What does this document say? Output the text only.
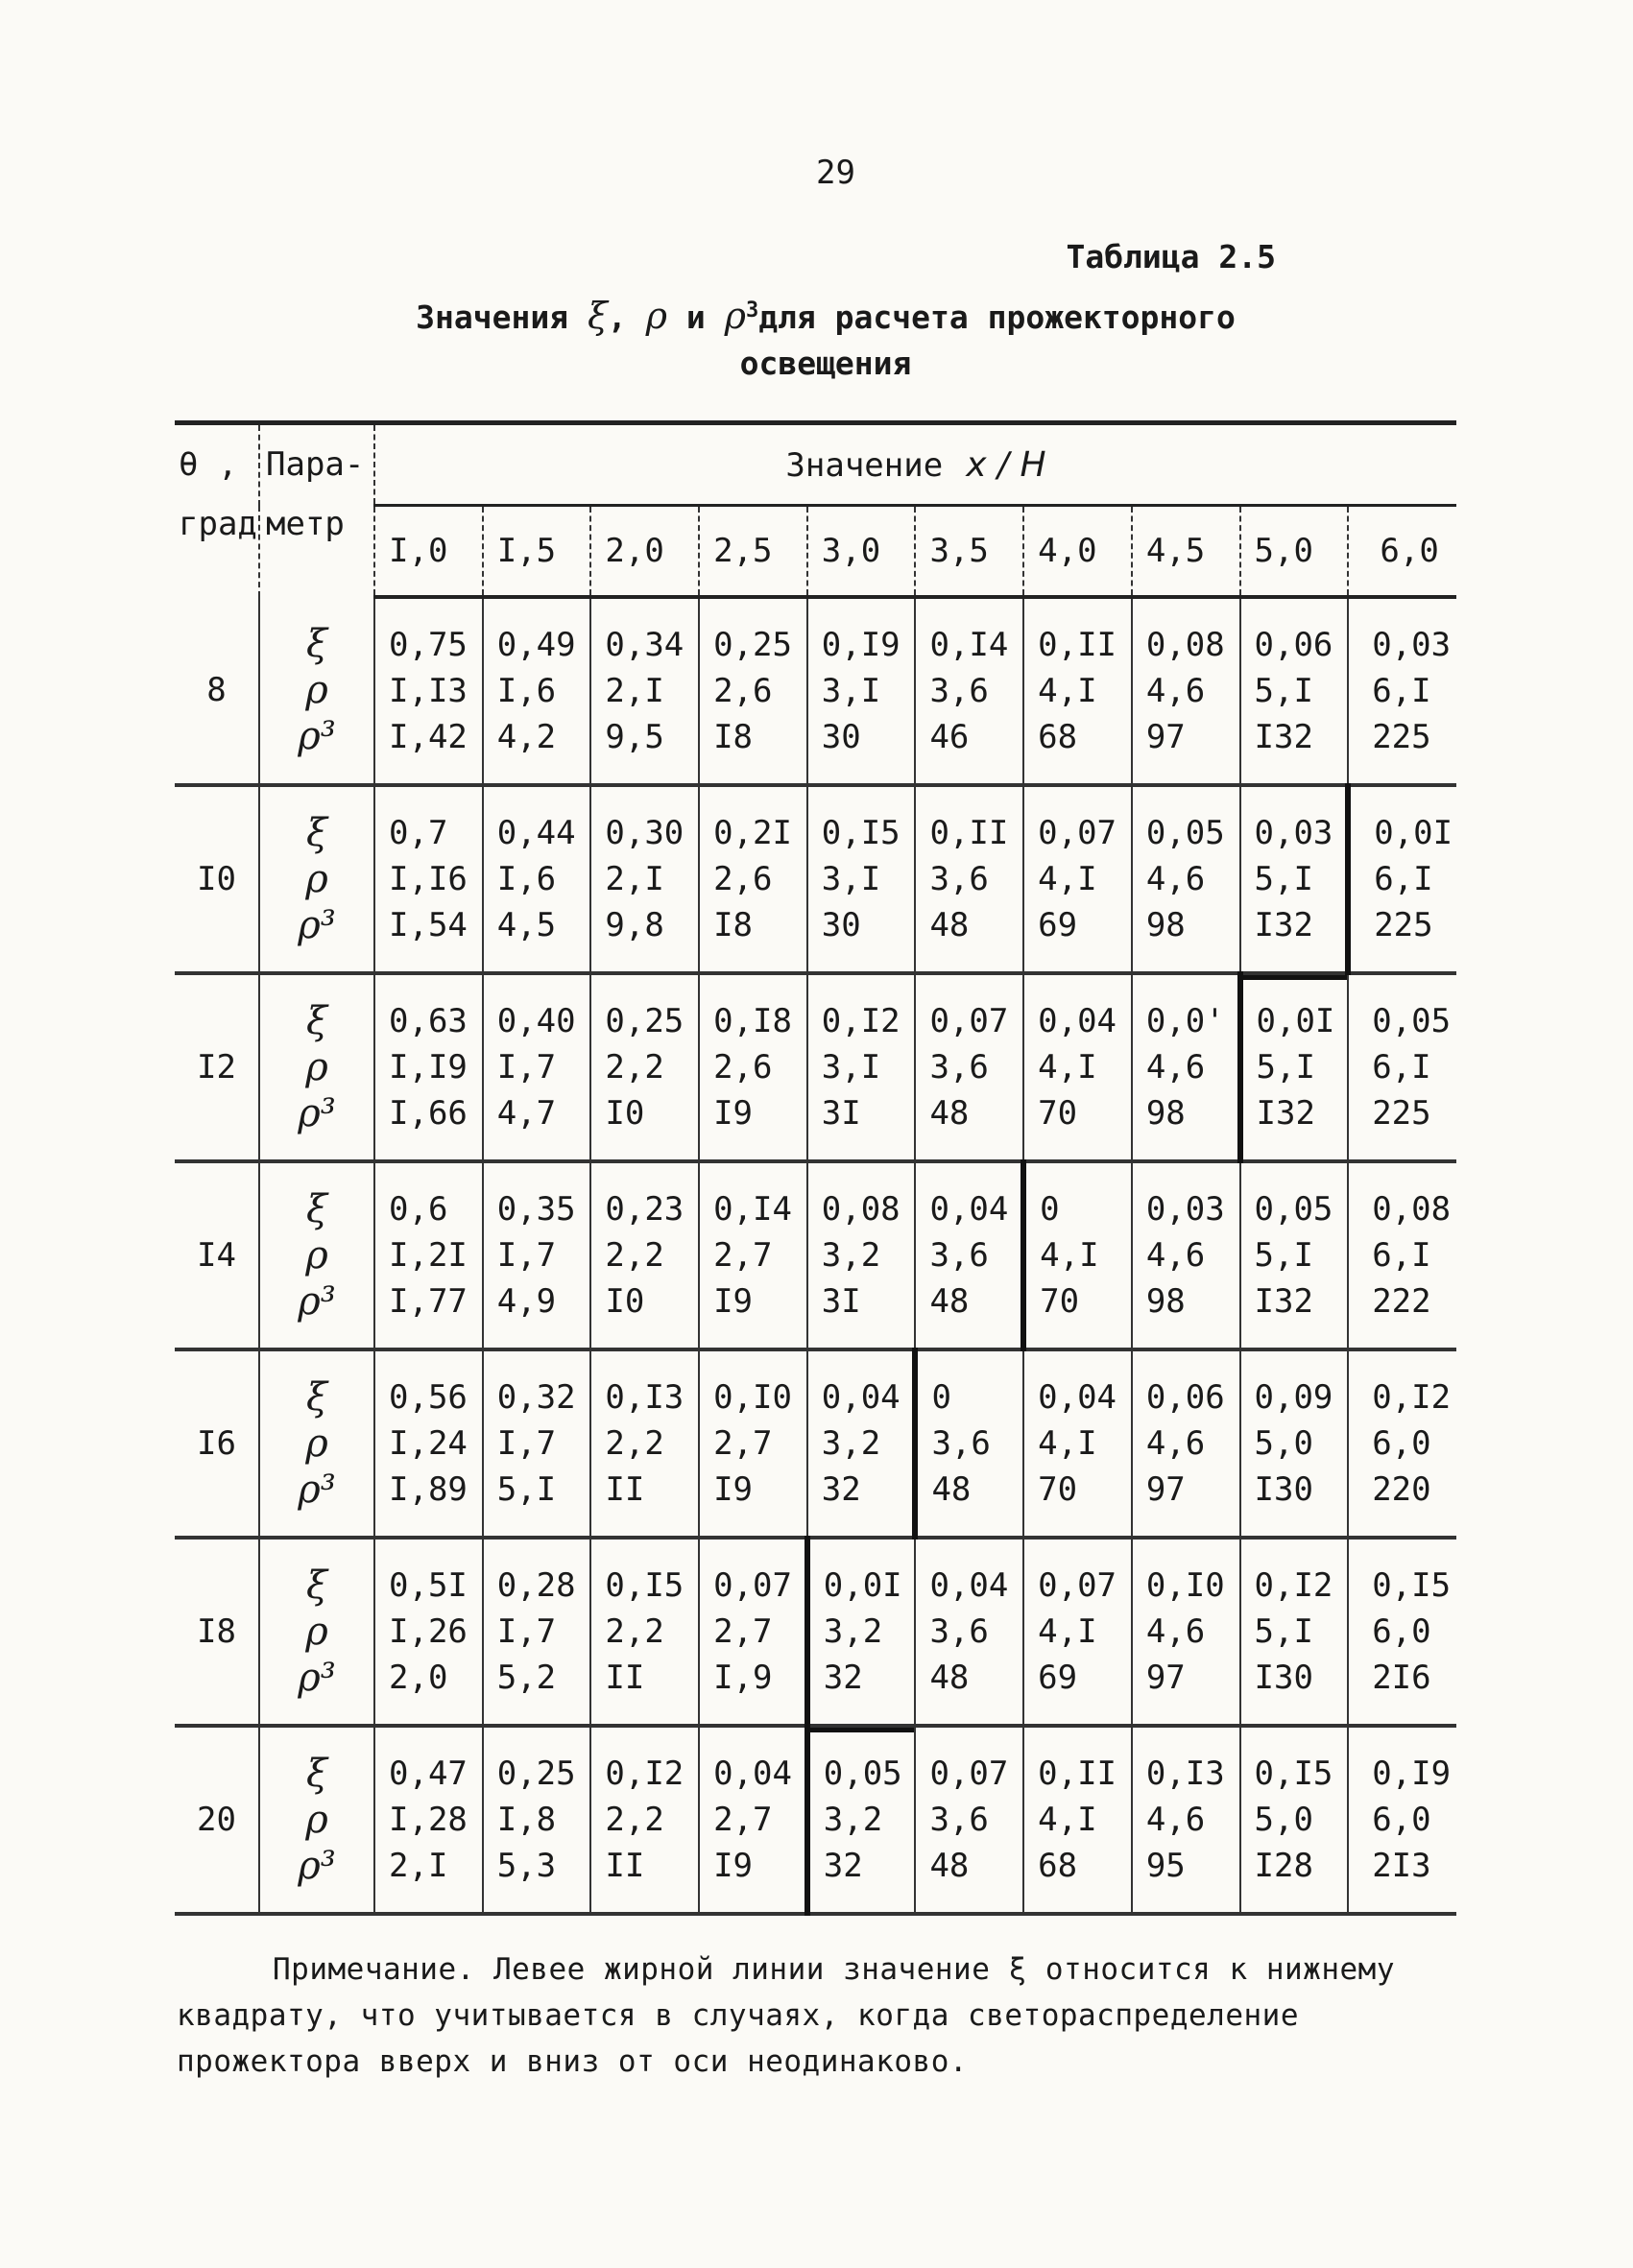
29
Таблица 2.5
Значения ξ, ρ и $\rho^3для$ расчета прожекторного
освещения
θ ,
град	Пара-
метр	Значение x / H									
		I,0	I,5	2,0	2,5	3,0	3,5	4,0	4,5	5,0	6,0
8	ξ
ρ
ρ³	0,75
I,I3
I,42	0,49
I,6
4,2	0,34
2,I
9,5	0,25
2,6
I8	0,I9
3,I
30	0,I4
3,6
46	0,II
4,I
68	0,08
4,6
97	0,06
5,I
I32	0,03
6,I
225

I0	ξ
ρ
ρ³	0,7
I,I6
I,54	0,44
I,6
4,5	0,30
2,I
9,8	0,2I
2,6
I8	0,I5
3,I
30	0,II
3,6
48	0,07
4,I
69	0,05
4,6
98	0,03
5,I
I32	0,0I
6,I
225

I2	ξ
ρ
ρ³	0,63
I,I9
I,66	0,40
I,7
4,7	0,25
2,2
I0	0,I8
2,6
I9	0,I2
3,I
3I	0,07
3,6
48	0,04
4,I
70	0,0'
4,6
98	0,0I
5,I
I32	0,05
6,I
225

I4	ξ
ρ
ρ³	0,6
I,2I
I,77	0,35
I,7
4,9	0,23
2,2
I0	0,I4
2,7
I9	0,08
3,2
3I	0,04
3,6
48	0
4,I
70	0,03
4,6
98	0,05
5,I
I32	0,08
6,I
222

I6	ξ
ρ
ρ³	0,56
I,24
I,89	0,32
I,7
5,I	0,I3
2,2
II	0,I0
2,7
I9	0,04
3,2
32	0
3,6
48	0,04
4,I
70	0,06
4,6
97	0,09
5,0
I30	0,I2
6,0
220

I8	ξ
ρ
ρ³	0,5I
I,26
2,0	0,28
I,7
5,2	0,I5
2,2
II	0,07
2,7
I,9	0,0I
3,2
32	0,04
3,6
48	0,07
4,I
69	0,I0
4,6
97	0,I2
5,I
I30	0,I5
6,0
2I6

20	ξ
ρ
ρ³	0,47
I,28
2,I	0,25
I,8
5,3	0,I2
2,2
II	0,04
2,7
I9	0,05
3,2
32	0,07
3,6
48	0,II
4,I
68	0,I3
4,6
95	0,I5
5,0
I28	0,I9
6,0
2I3
Примечание. Левее жирной линии значение ξ относится к нижнему квадрату, что учитывается в случаях, когда светораспределение прожектора вверх и вниз от оси неодинаково.
